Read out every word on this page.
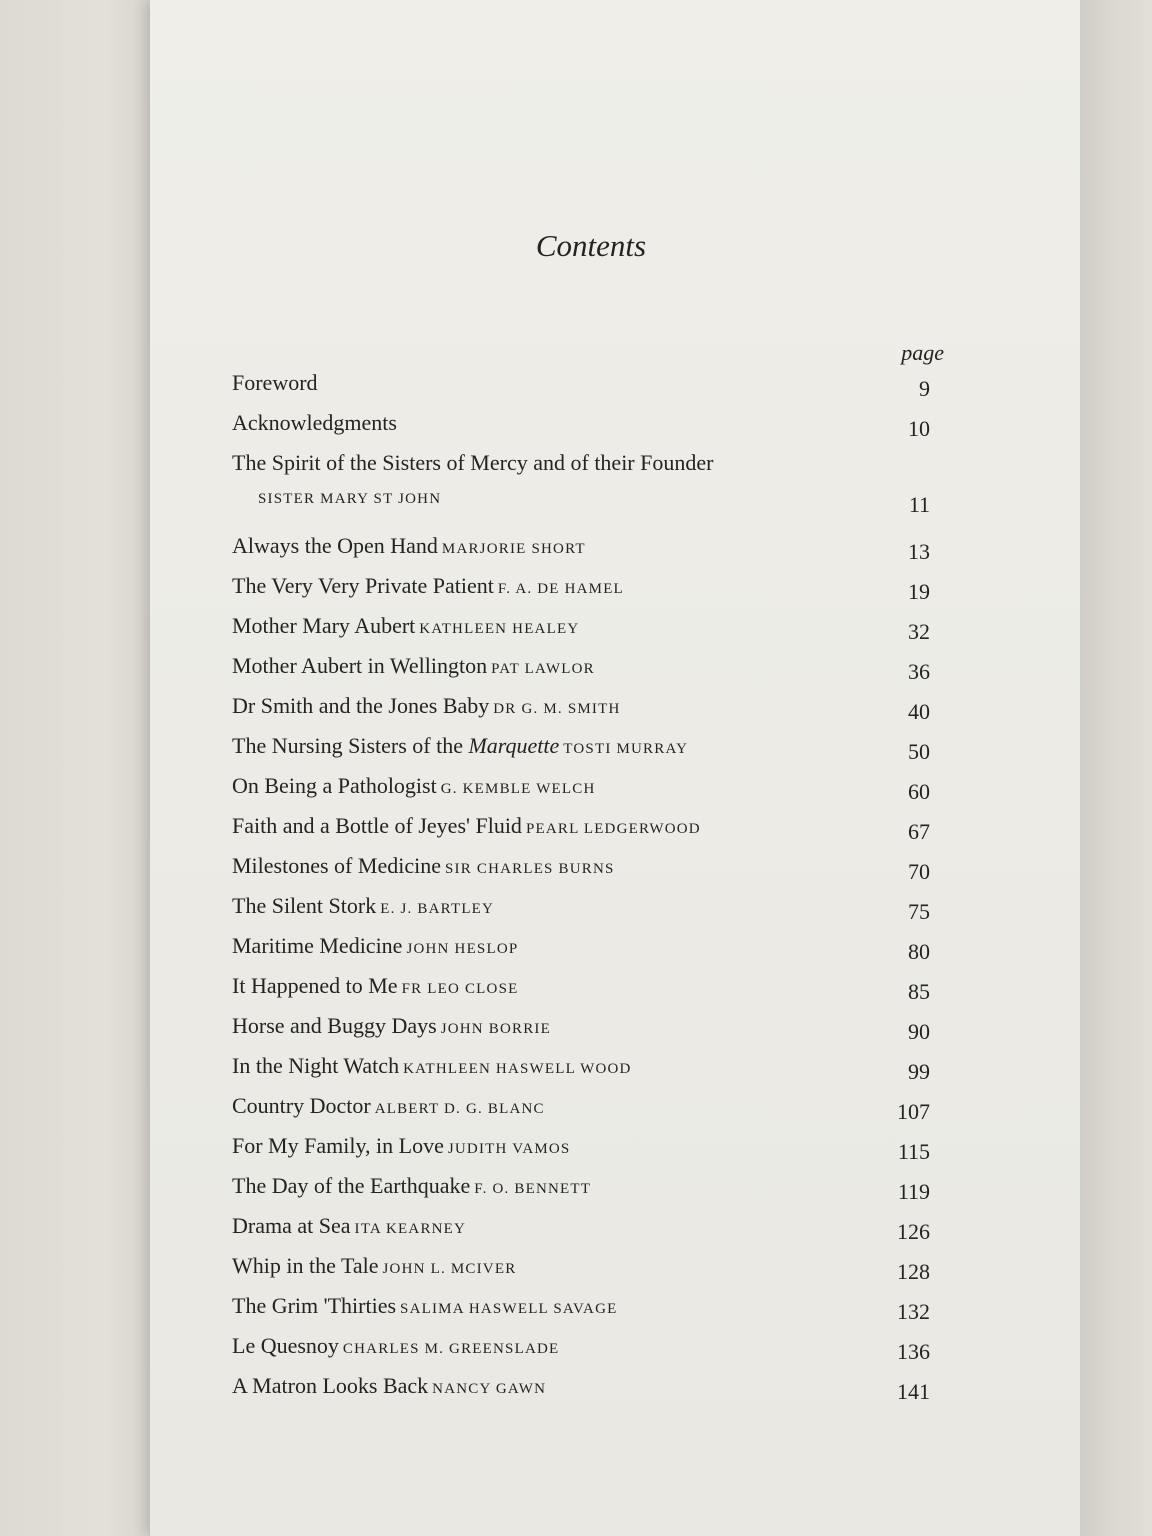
Contents
page
Foreword	9
Acknowledgments	10
The Spirit of the Sisters of Mercy and of their Founder
SISTER MARY ST JOHN	11
Always the Open Hand MARJORIE SHORT	13
The Very Very Private Patient F. A. DE HAMEL	19
Mother Mary Aubert KATHLEEN HEALEY	32
Mother Aubert in Wellington PAT LAWLOR	36
Dr Smith and the Jones Baby DR G. M. SMITH	40
The Nursing Sisters of the Marquette TOSTI MURRAY	50
On Being a Pathologist G. KEMBLE WELCH	60
Faith and a Bottle of Jeyes' Fluid PEARL LEDGERWOOD	67
Milestones of Medicine SIR CHARLES BURNS	70
The Silent Stork E. J. BARTLEY	75
Maritime Medicine JOHN HESLOP	80
It Happened to Me FR LEO CLOSE	85
Horse and Buggy Days JOHN BORRIE	90
In the Night Watch KATHLEEN HASWELL WOOD	99
Country Doctor ALBERT D. G. BLANC	107
For My Family, in Love JUDITH VAMOS	115
The Day of the Earthquake F. O. BENNETT	119
Drama at Sea ITA KEARNEY	126
Whip in the Tale JOHN L. MCIVER	128
The Grim 'Thirties SALIMA HASWELL SAVAGE	132
Le Quesnoy CHARLES M. GREENSLADE	136
A Matron Looks Back NANCY GAWN	141
